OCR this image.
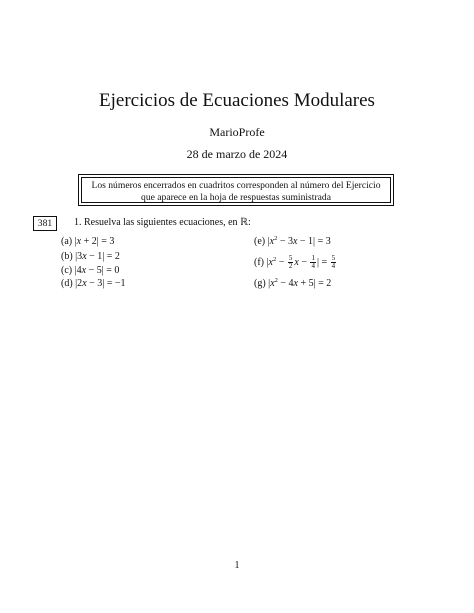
Ejercicios de Ecuaciones Modulares
MarioProfe
28 de marzo de 2024
Los números encerrados en cuadritos corresponden al número del Ejercicio
que aparece en la hoja de respuestas suministrada
381	1. Resuelva las siguientes ecuaciones, en ℝ:
(a) |x + 2| = 3
(b) |3x − 1| = 2
(c) |4x − 5| = 0
(d) |2x − 3| = −1
(e) $|x^2 - 3x - 1| = 3$
(f) $|x^2 - \frac{5}{2}$ $x - \frac{1}{4}$ | = $\frac{5}{4}$
(g) $|x^2 - 4x + 5| = 2$
1
